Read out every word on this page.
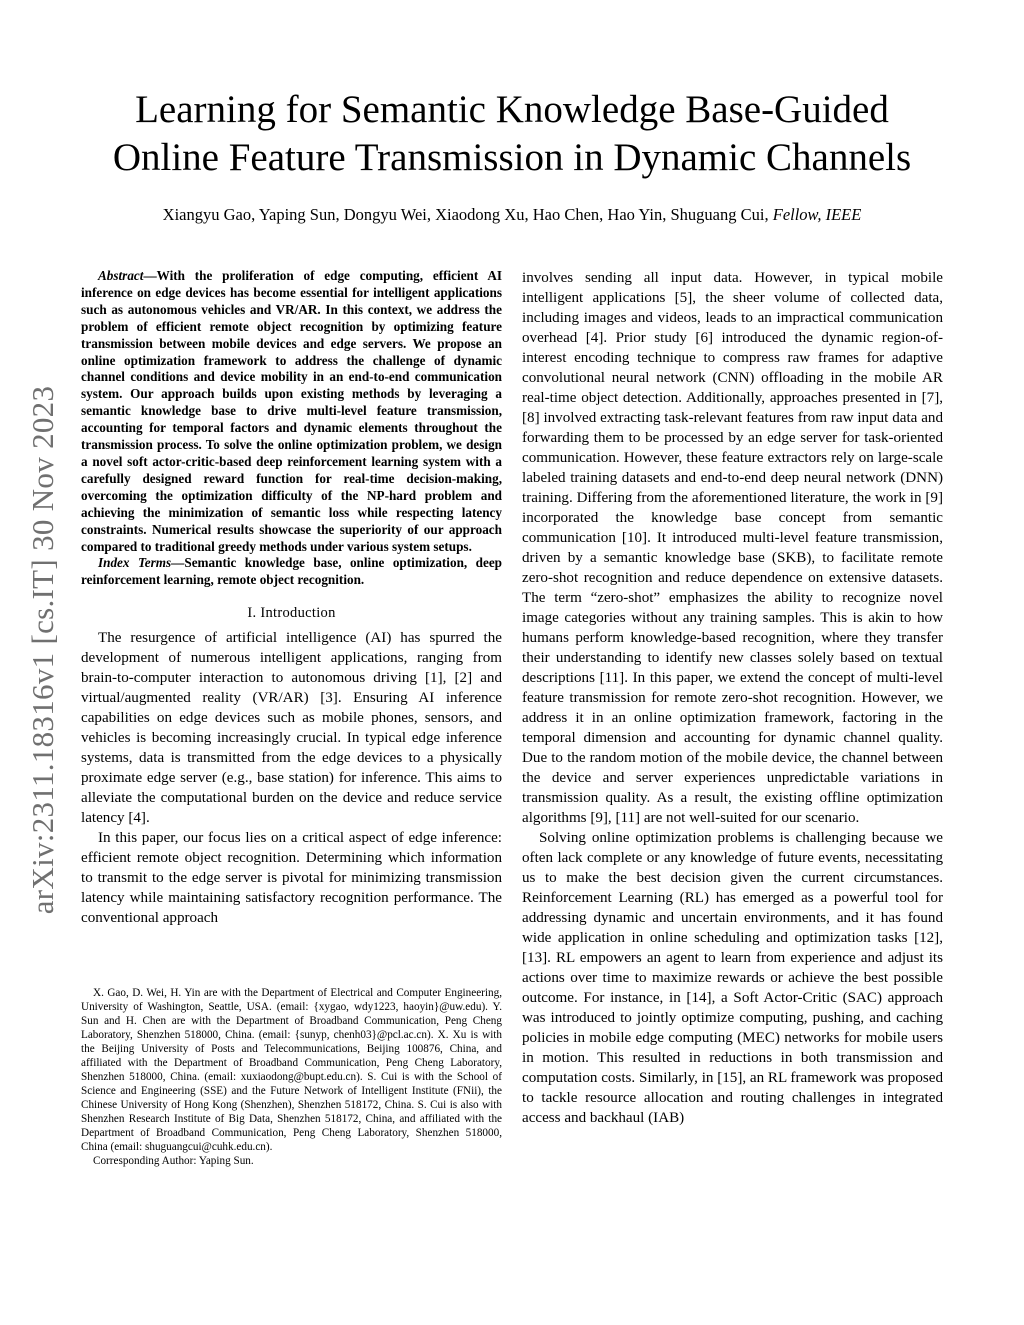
arXiv:2311.18316v1 [cs.IT] 30 Nov 2023
Learning for Semantic Knowledge Base-Guided
Online Feature Transmission in Dynamic Channels

Xiangyu Gao, Yaping Sun, Dongyu Wei, Xiaodong Xu, Hao Chen, Hao Yin, Shuguang Cui, Fellow, IEEE

Abstract—With the proliferation of edge computing, efficient AI inference on edge devices has become essential for intelligent applications such as autonomous vehicles and VR/AR. In this context, we address the problem of efficient remote object recognition by optimizing feature transmission between mobile devices and edge servers. We propose an online optimization framework to address the challenge of dynamic channel conditions and device mobility in an end-to-end communication system. Our approach builds upon existing methods by leveraging a semantic knowledge base to drive multi-level feature transmission, accounting for temporal factors and dynamic elements throughout the transmission process. To solve the online optimization problem, we design a novel soft actor-critic-based deep reinforcement learning system with a carefully designed reward function for real-time decision-making, overcoming the optimization difficulty of the NP-hard problem and achieving the minimization of semantic loss while respecting latency constraints. Numerical results showcase the superiority of our approach compared to traditional greedy methods under various system setups.

Index Terms—Semantic knowledge base, online optimization, deep reinforcement learning, remote object recognition.

I. Introduction

The resurgence of artificial intelligence (AI) has spurred the development of numerous intelligent applications, ranging from brain-to-computer interaction to autonomous driving [1], [2] and virtual/augmented reality (VR/AR) [3]. Ensuring AI inference capabilities on edge devices such as mobile phones, sensors, and vehicles is becoming increasingly crucial. In typical edge inference systems, data is transmitted from the edge devices to a physically proximate edge server (e.g., base station) for inference. This aims to alleviate the computational burden on the device and reduce service latency [4].

In this paper, our focus lies on a critical aspect of edge inference: efficient remote object recognition. Determining which information to transmit to the edge server is pivotal for minimizing transmission latency while maintaining satisfactory recognition performance. The conventional approach

X. Gao, D. Wei, H. Yin are with the Department of Electrical and Computer Engineering, University of Washington, Seattle, USA. (email: {xygao, wdy1223, haoyin}@uw.edu). Y. Sun and H. Chen are with the Department of Broadband Communication, Peng Cheng Laboratory, Shenzhen 518000, China. (email: {sunyp, chenh03}@pcl.ac.cn). X. Xu is with the Beijing University of Posts and Telecommunications, Beijing 100876, China, and affiliated with the Department of Broadband Communication, Peng Cheng Laboratory, Shenzhen 518000, China. (email: xuxiaodong@bupt.edu.cn). S. Cui is with the School of Science and Engineering (SSE) and the Future Network of Intelligent Institute (FNii), the Chinese University of Hong Kong (Shenzhen), Shenzhen 518172, China. S. Cui is also with Shenzhen Research Institute of Big Data, Shenzhen 518172, China, and affiliated with the Department of Broadband Communication, Peng Cheng Laboratory, Shenzhen 518000, China (email: shuguangcui@cuhk.edu.cn).

Corresponding Author: Yaping Sun.

involves sending all input data. However, in typical mobile intelligent applications [5], the sheer volume of collected data, including images and videos, leads to an impractical communication overhead [4]. Prior study [6] introduced the dynamic region-of-interest encoding technique to compress raw frames for adaptive convolutional neural network (CNN) offloading in the mobile AR real-time object detection. Additionally, approaches presented in [7], [8] involved extracting task-relevant features from raw input data and forwarding them to be processed by an edge server for task-oriented communication. However, these feature extractors rely on large-scale labeled training datasets and end-to-end deep neural network (DNN) training. Differing from the aforementioned literature, the work in [9] incorporated the knowledge base concept from semantic communication [10]. It introduced multi-level feature transmission, driven by a semantic knowledge base (SKB), to facilitate remote zero-shot recognition and reduce dependence on extensive datasets. The term “zero-shot” emphasizes the ability to recognize novel image categories without any training samples. This is akin to how humans perform knowledge-based recognition, where they transfer their understanding to identify new classes solely based on textual descriptions [11]. In this paper, we extend the concept of multi-level feature transmission for remote zero-shot recognition. However, we address it in an online optimization framework, factoring in the temporal dimension and accounting for dynamic channel quality. Due to the random motion of the mobile device, the channel between the device and server experiences unpredictable variations in transmission quality. As a result, the existing offline optimization algorithms [9], [11] are not well-suited for our scenario.

Solving online optimization problems is challenging because we often lack complete or any knowledge of future events, necessitating us to make the best decision given the current circumstances. Reinforcement Learning (RL) has emerged as a powerful tool for addressing dynamic and uncertain environments, and it has found wide application in online scheduling and optimization tasks [12], [13]. RL empowers an agent to learn from experience and adjust its actions over time to maximize rewards or achieve the best possible outcome. For instance, in [14], a Soft Actor-Critic (SAC) approach was introduced to jointly optimize computing, pushing, and caching policies in mobile edge computing (MEC) networks for mobile users in motion. This resulted in reductions in both transmission and computation costs. Similarly, in [15], an RL framework was proposed to tackle resource allocation and routing challenges in integrated access and backhaul (IAB)
